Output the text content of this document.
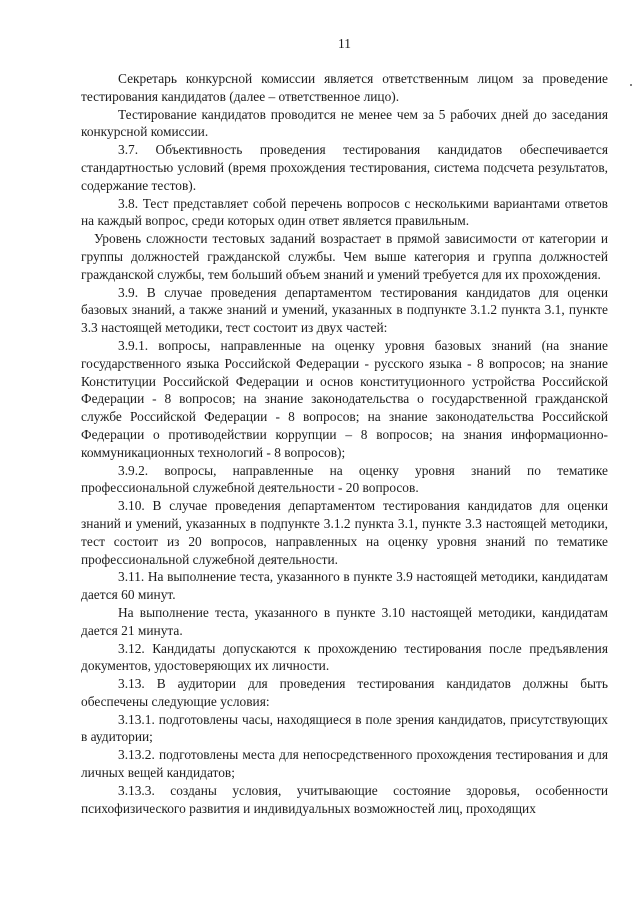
11

Секретарь конкурсной комиссии является ответственным лицом за проведение тестирования кандидатов (далее – ответственное лицо).

Тестирование кандидатов проводится не менее чем за 5 рабочих дней до заседания конкурсной комиссии.

3.7. Объективность проведения тестирования кандидатов обеспечивается стандартностью условий (время прохождения тестирования, система подсчета результатов, содержание тестов).

3.8. Тест представляет собой перечень вопросов с несколькими вариантами ответов на каждый вопрос, среди которых один ответ является правильным.

Уровень сложности тестовых заданий возрастает в прямой зависимости от категории и группы должностей гражданской службы. Чем выше категория и группа должностей гражданской службы, тем больший объем знаний и умений требуется для их прохождения.

3.9. В случае проведения департаментом тестирования кандидатов для оценки базовых знаний, а также знаний и умений, указанных в подпункте 3.1.2 пункта 3.1, пункте 3.3 настоящей методики, тест состоит из двух частей:

3.9.1. вопросы, направленные на оценку уровня базовых знаний (на знание государственного языка Российской Федерации - русского языка - 8 вопросов; на знание Конституции Российской Федерации и основ конституционного устройства Российской Федерации - 8 вопросов; на знание законодательства о государственной гражданской службе Российской Федерации - 8 вопросов; на знание законодательства Российской Федерации о противодействии коррупции – 8 вопросов; на знания информационно-коммуникационных технологий - 8 вопросов);

3.9.2. вопросы, направленные на оценку уровня знаний по тематике профессиональной служебной деятельности - 20 вопросов.

3.10. В случае проведения департаментом тестирования кандидатов для оценки знаний и умений, указанных в подпункте 3.1.2 пункта 3.1, пункте 3.3 настоящей методики, тест состоит из 20 вопросов, направленных на оценку уровня знаний по тематике профессиональной служебной деятельности.

3.11. На выполнение теста, указанного в пункте 3.9 настоящей методики, кандидатам дается 60 минут.

На выполнение теста, указанного в пункте 3.10 настоящей методики, кандидатам дается 21 минута.

3.12. Кандидаты допускаются к прохождению тестирования после предъявления документов, удостоверяющих их личности.

3.13. В аудитории для проведения тестирования кандидатов должны быть обеспечены следующие условия:

3.13.1. подготовлены часы, находящиеся в поле зрения кандидатов, присутствующих в аудитории;

3.13.2. подготовлены места для непосредственного прохождения тестирования и для личных вещей кандидатов;

3.13.3. созданы условия, учитывающие состояние здоровья, особенности психофизического развития и индивидуальных возможностей лиц, проходящих
